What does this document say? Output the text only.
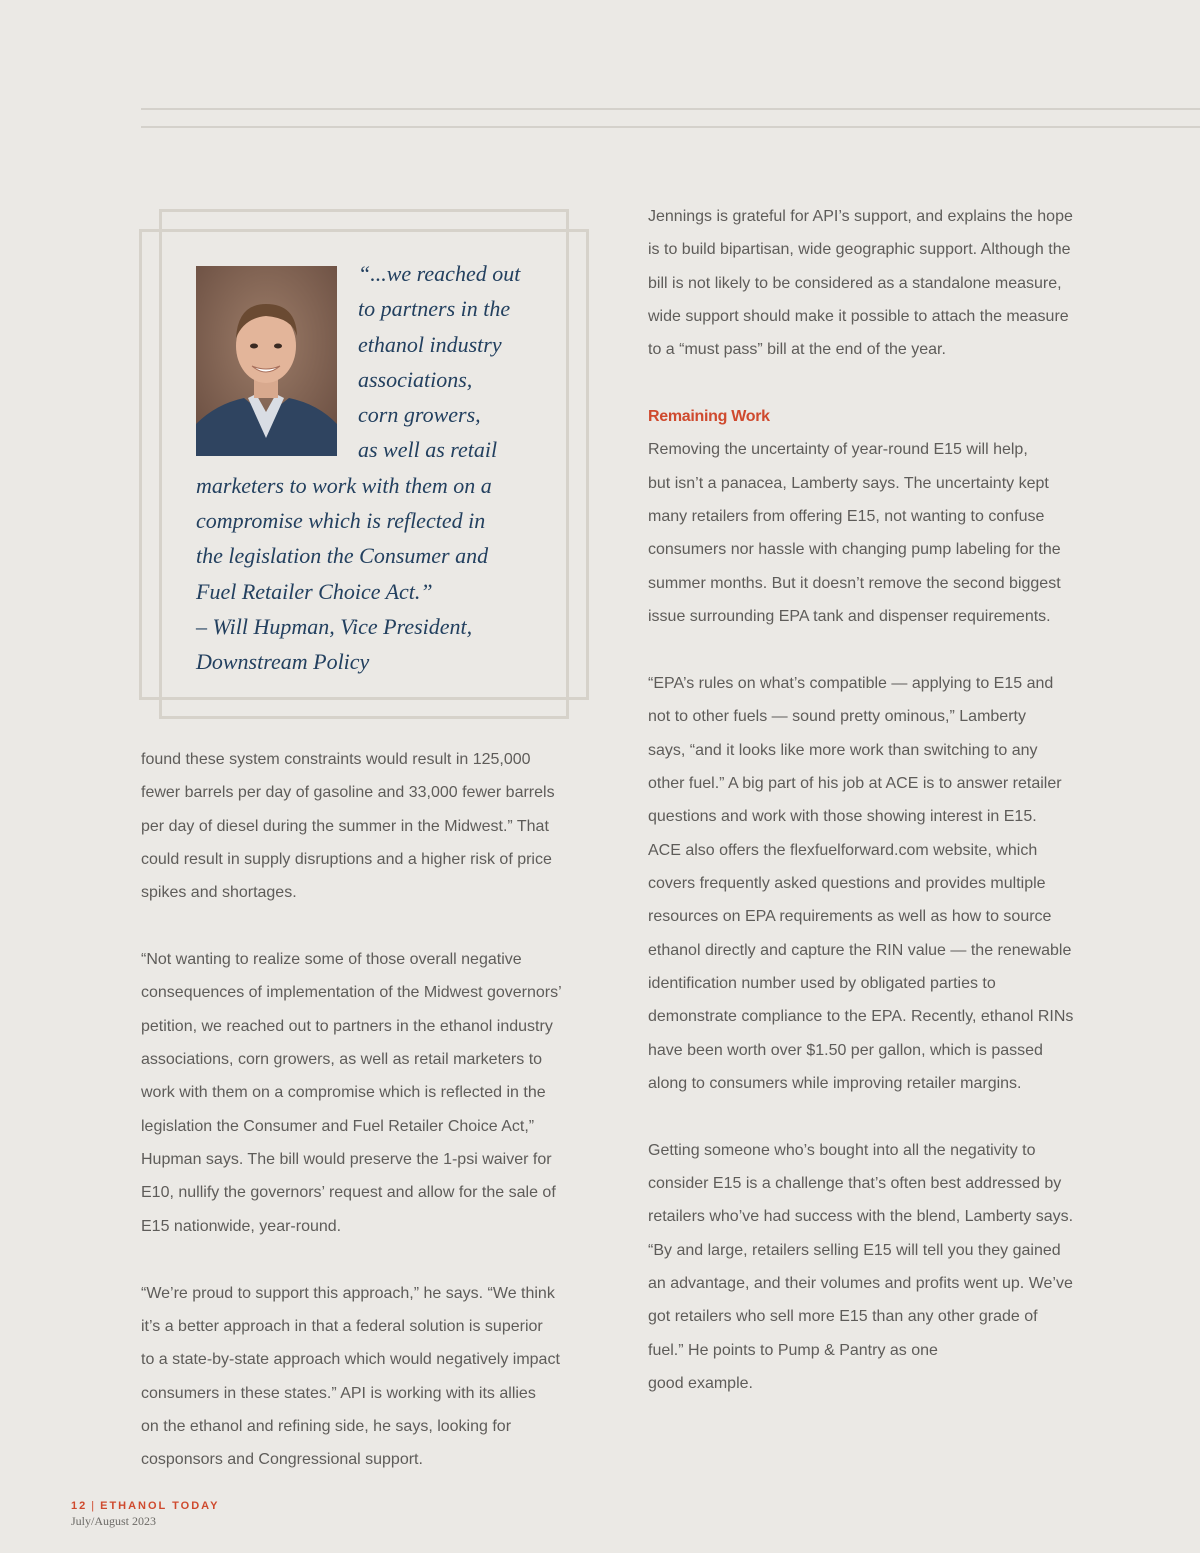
“...we reached out
to partners in the
ethanol industry
associations,
corn growers,
as well as retail
marketers to work with them on a
compromise which is reflected in
the legislation the Consumer and
Fuel Retailer Choice Act.”
– Will Hupman, Vice President,
Downstream Policy
found these system constraints would result in 125,000
fewer barrels per day of gasoline and 33,000 fewer barrels
per day of diesel during the summer in the Midwest.” That
could result in supply disruptions and a higher risk of price
spikes and shortages.
“Not wanting to realize some of those overall negative
consequences of implementation of the Midwest governors’
petition, we reached out to partners in the ethanol industry
associations, corn growers, as well as retail marketers to
work with them on a compromise which is reflected in the
legislation the Consumer and Fuel Retailer Choice Act,”
Hupman says. The bill would preserve the 1-psi waiver for
E10, nullify the governors’ request and allow for the sale of
E15 nationwide, year-round.
“We’re proud to support this approach,” he says. “We think
it’s a better approach in that a federal solution is superior
to a state-by-state approach which would negatively impact
consumers in these states.” API is working with its allies
on the ethanol and refining side, he says, looking for
cosponsors and Congressional support.
Jennings is grateful for API’s support, and explains the hope
is to build bipartisan, wide geographic support. Although the
bill is not likely to be considered as a standalone measure,
wide support should make it possible to attach the measure
to a “must pass” bill at the end of the year.
Remaining Work
Removing the uncertainty of year-round E15 will help,
but isn’t a panacea, Lamberty says. The uncertainty kept
many retailers from offering E15, not wanting to confuse
consumers nor hassle with changing pump labeling for the
summer months. But it doesn’t remove the second biggest
issue surrounding EPA tank and dispenser requirements.
“EPA’s rules on what’s compatible — applying to E15 and
not to other fuels — sound pretty ominous,” Lamberty
says, “and it looks like more work than switching to any
other fuel.” A big part of his job at ACE is to answer retailer
questions and work with those showing interest in E15.
ACE also offers the flexfuelforward.com website, which
covers frequently asked questions and provides multiple
resources on EPA requirements as well as how to source
ethanol directly and capture the RIN value — the renewable
identification number used by obligated parties to
demonstrate compliance to the EPA. Recently, ethanol RINs
have been worth over $1.50 per gallon, which is passed
along to consumers while improving retailer margins.
Getting someone who’s bought into all the negativity to
consider E15 is a challenge that’s often best addressed by
retailers who’ve had success with the blend, Lamberty says.
“By and large, retailers selling E15 will tell you they gained
an advantage, and their volumes and profits went up. We’ve
got retailers who sell more E15 than any other grade of
fuel.” He points to Pump & Pantry as one
good example.
12 | ETHANOL TODAY
July/August 2023
